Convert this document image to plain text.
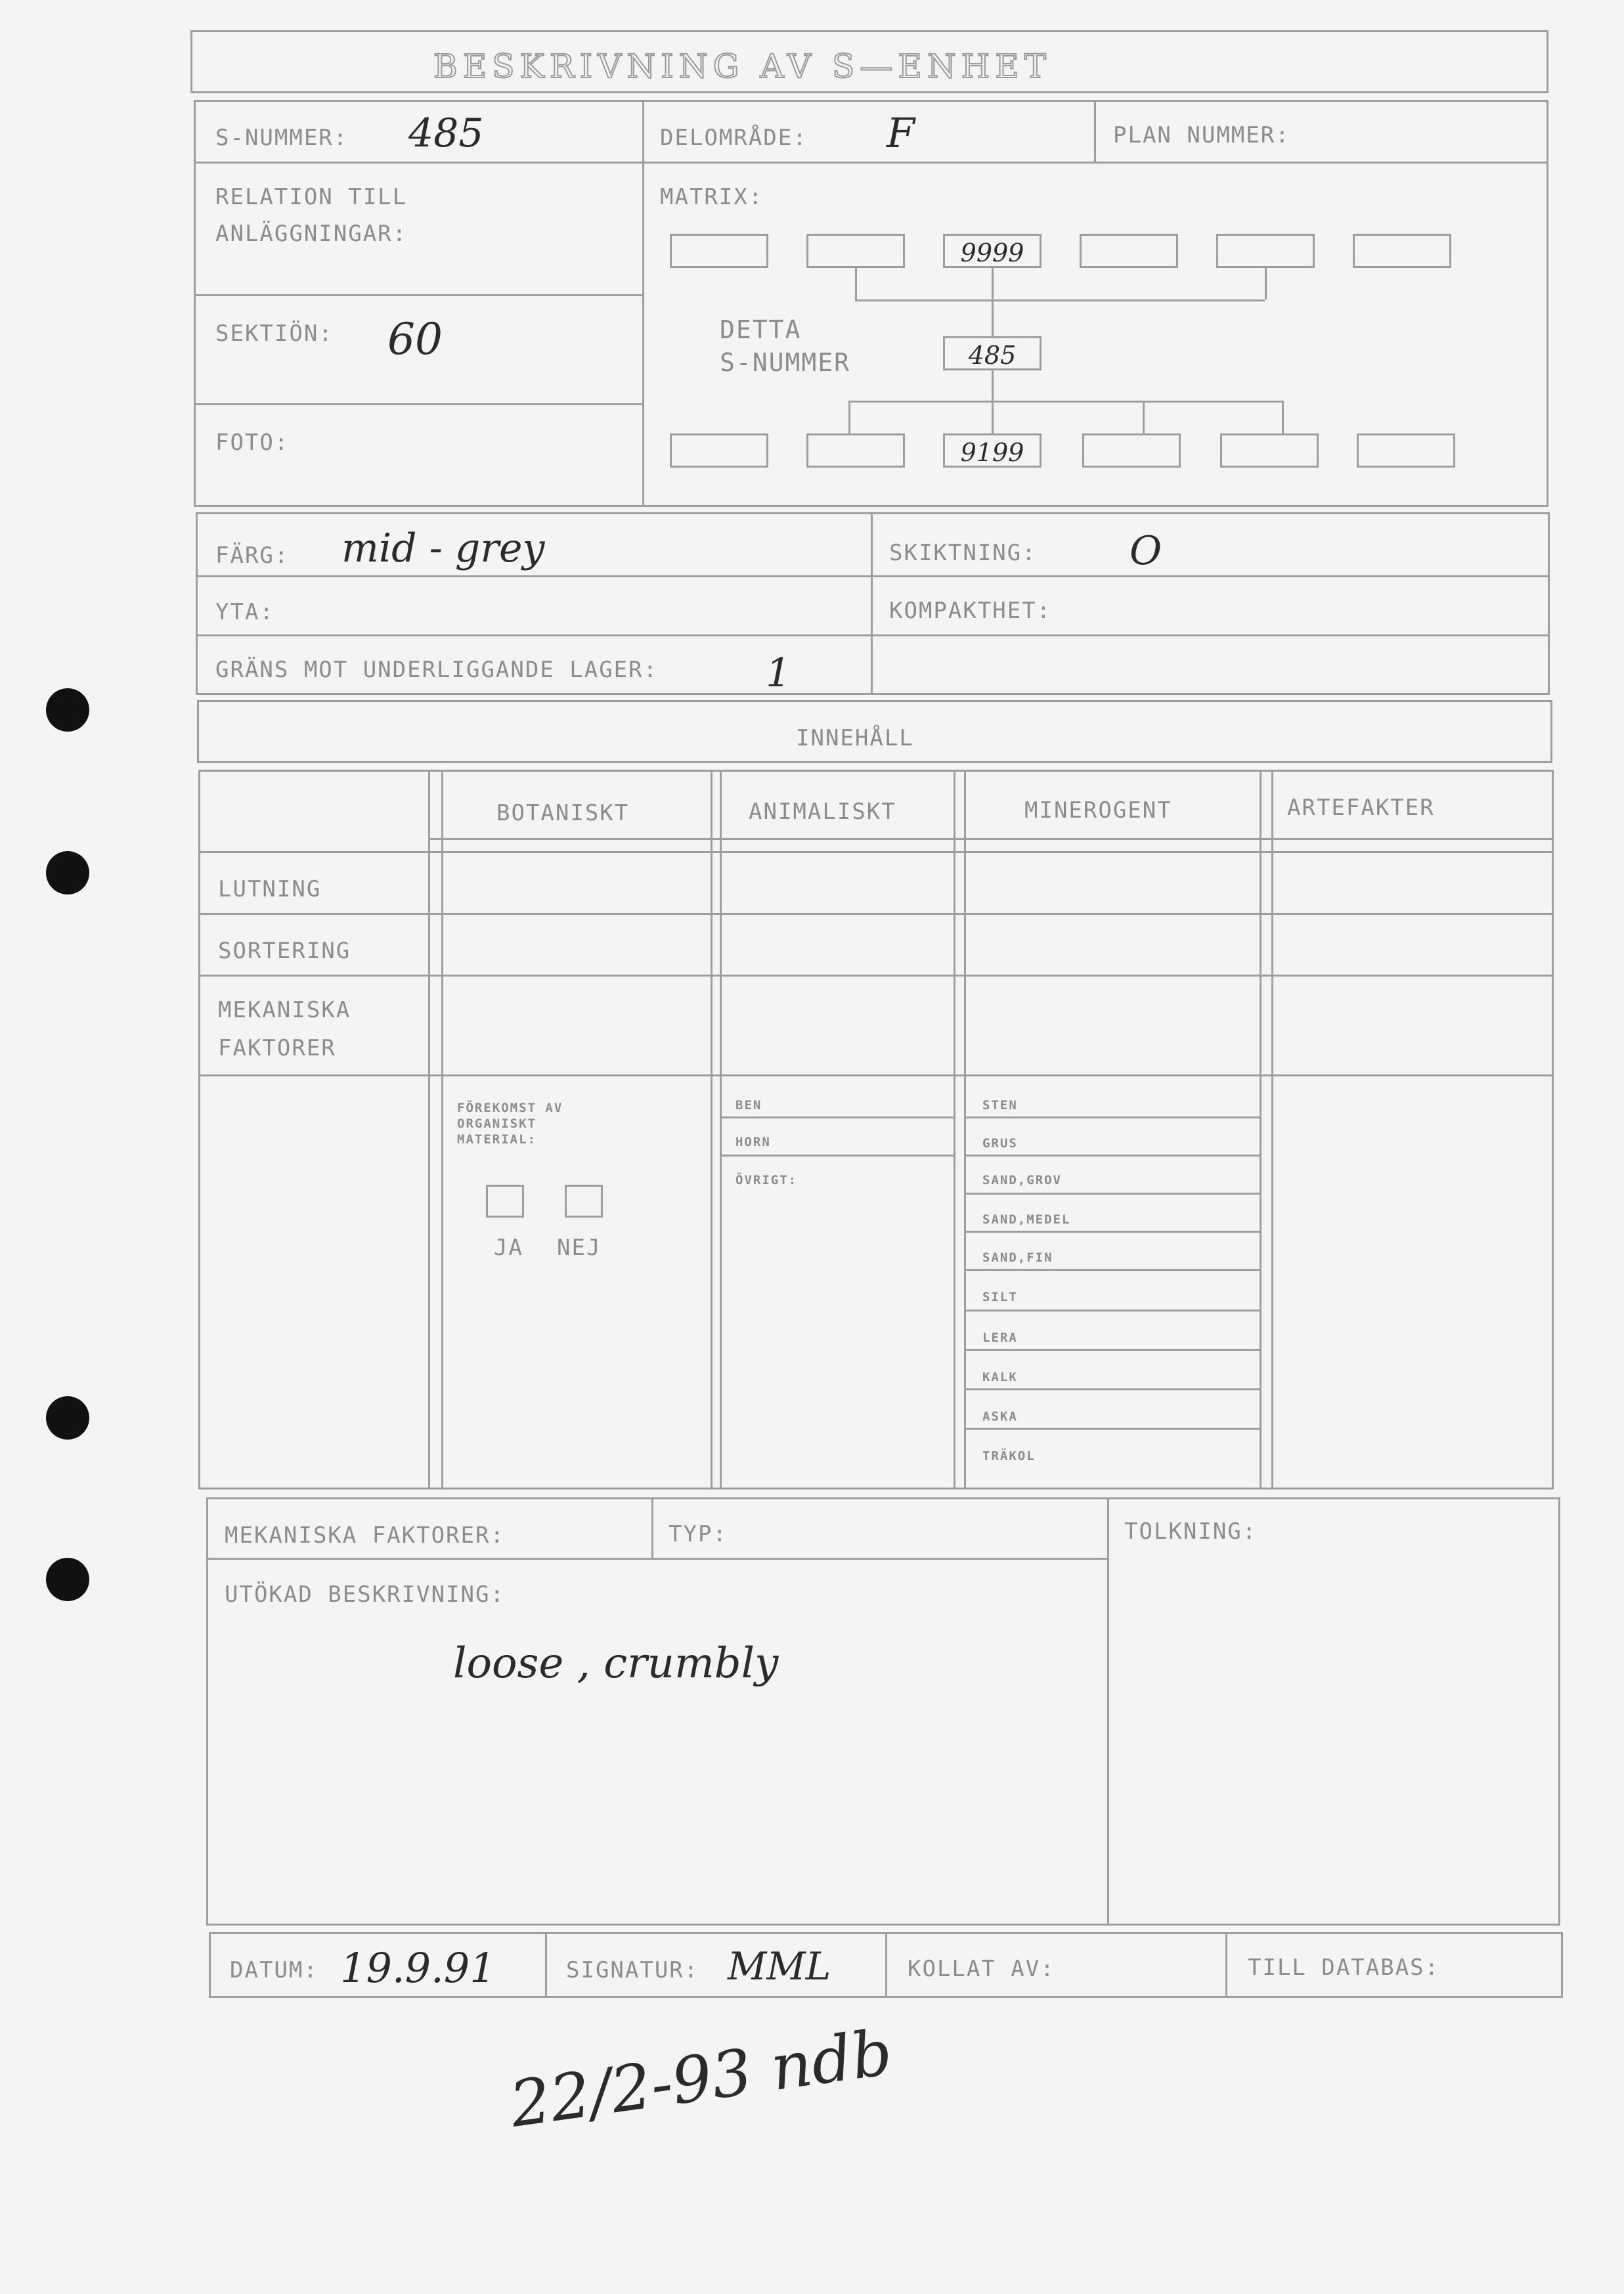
BESKRIVNING AV S—ENHET
S-NUMMER: 485	DELOMRÅDE: F	PLAN NUMMER:
RELATION TILL
ANLÄGGNINGAR:
SEKTIÖN: 60
FOTO:
MATRIX:
9999
DETTA
S-NUMMER	485
9199
FÄRG: mid - grey	SKIKTNING: O
YTA:	KOMPAKTHET:
GRÄNS MOT UNDERLIGGANDE LAGER:	1
INNEHÅLL
BOTANISKT	ANIMALISKT	MINEROGENT	ARTEFAKTER
LUTNING
SORTERING
MEKANISKA
FAKTORER
FÖREKOMST AV
ORGANISKT
MATERIAL:
JA NEJ
BEN
HORN
ÖVRIGT:
STEN
GRUS
SAND,GROV
SAND,MEDEL
SAND,FIN
SILT
LERA
KALK
ASKA
TRÄKOL
MEKANISKA FAKTORER:	TYP:	TOLKNING:
UTÖKAD BESKRIVNING:
loose , crumbly
DATUM: 19.9.91	SIGNATUR: MML	KOLLAT AV:	TILL DATABAS:
22/2-93 ndb
